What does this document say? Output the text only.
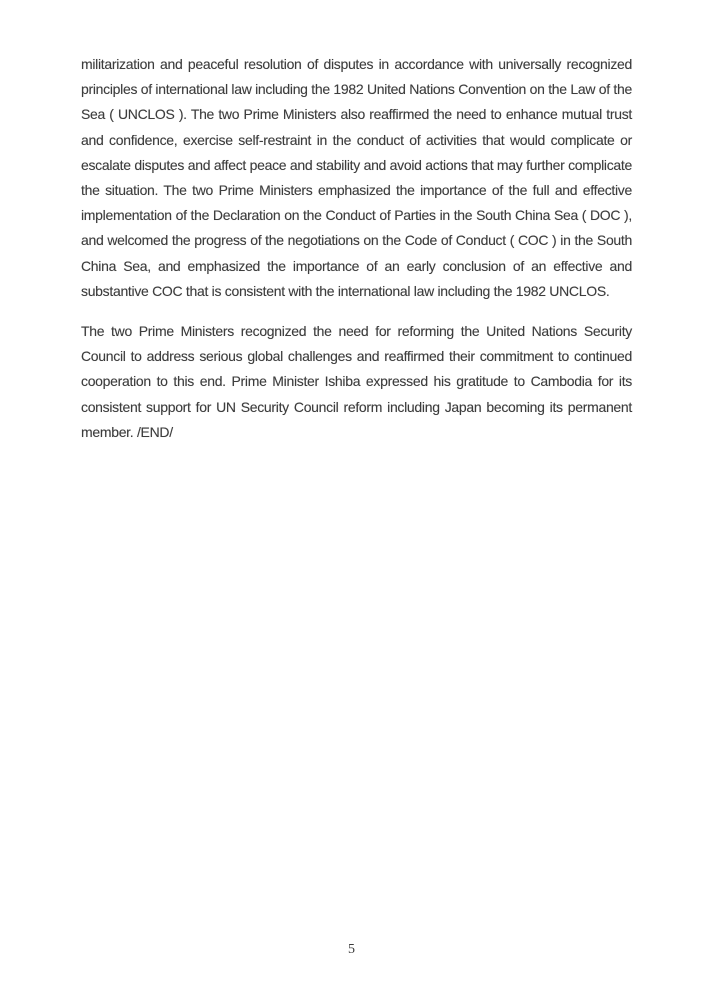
militarization and peaceful resolution of disputes in accordance with universally recognized principles of international law including the 1982 United Nations Convention on the Law of the Sea ( UNCLOS ). The two Prime Ministers also reaffirmed the need to enhance mutual trust and confidence, exercise self-restraint in the conduct of activities that would complicate or escalate disputes and affect peace and stability and avoid actions that may further complicate the situation. The two Prime Ministers emphasized the importance of the full and effective implementation of the Declaration on the Conduct of Parties in the South China Sea ( DOC ), and welcomed the progress of the negotiations on the Code of Conduct ( COC ) in the South China Sea, and emphasized the importance of an early conclusion of an effective and substantive COC that is consistent with the international law including the 1982 UNCLOS.

The two Prime Ministers recognized the need for reforming the United Nations Security Council to address serious global challenges and reaffirmed their commitment to continued cooperation to this end. Prime Minister Ishiba expressed his gratitude to Cambodia for its consistent support for UN Security Council reform including Japan becoming its permanent member. /END/

5
